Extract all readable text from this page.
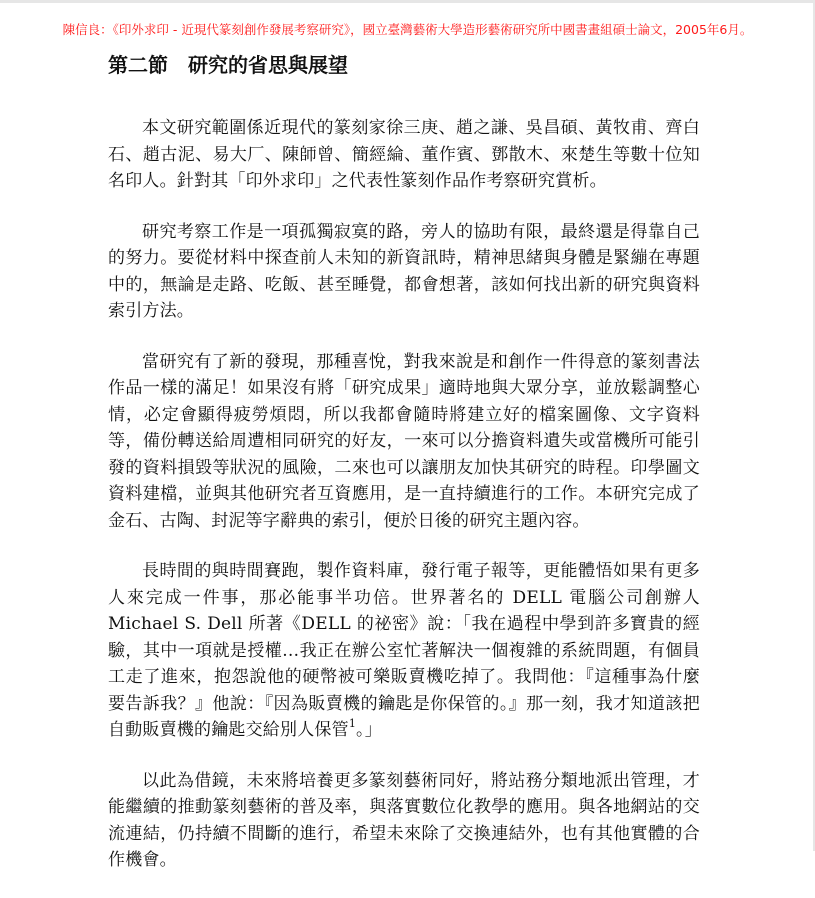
陳信良：《印外求印 - 近現代篆刻創作發展考察研究》，國立臺灣藝術大學造形藝術研究所中國書畫組碩士論文，2005年6月。
第二節　研究的省思與展望

本文研究範圍係近現代的篆刻家徐三庚、趙之謙、吳昌碩、黃牧甫、齊白石、趙古泥、易大厂、陳師曾、簡經綸、董作賓、鄧散木、來楚生等數十位知名印人。針對其「印外求印」之代表性篆刻作品作考察研究賞析。

研究考察工作是一項孤獨寂寞的路，旁人的協助有限，最終還是得靠自己的努力。要從材料中探查前人未知的新資訊時，精神思緒與身體是緊繃在專題中的，無論是走路、吃飯、甚至睡覺，都會想著，該如何找出新的研究與資料索引方法。

當研究有了新的發現，那種喜悅，對我來說是和創作一件得意的篆刻書法作品一樣的滿足！如果沒有將「研究成果」適時地與大眾分享，並放鬆調整心情，必定會顯得疲勞煩悶，所以我都會隨時將建立好的檔案圖像、文字資料等，備份轉送給周遭相同研究的好友，一來可以分擔資料遺失或當機所可能引發的資料損毀等狀況的風險，二來也可以讓朋友加快其研究的時程。印學圖文資料建檔，並與其他研究者互資應用，是一直持續進行的工作。本研究完成了金石、古陶、封泥等字辭典的索引，便於日後的研究主題內容。

長時間的與時間賽跑，製作資料庫，發行電子報等，更能體悟如果有更多人來完成一件事，那必能事半功倍。世界著名的 DELL 電腦公司創辦人 Michael S. Dell 所著《DELL 的祕密》說：「我在過程中學到許多寶貴的經驗，其中一項就是授權…我正在辦公室忙著解決一個複雜的系統問題，有個員工走了進來，抱怨說他的硬幣被可樂販賣機吃掉了。我問他：『這種事為什麼要告訴我？』他說：『因為販賣機的鑰匙是你保管的。』那一刻，我才知道該把自動販賣機的鑰匙交給別人保管$^1$。」

以此為借鏡，未來將培養更多篆刻藝術同好，將站務分類地派出管理，才能繼續的推動篆刻藝術的普及率，與落實數位化教學的應用。與各地網站的交流連結，仍持續不間斷的進行，希望未來除了交換連結外，也有其他實體的合作機會。
